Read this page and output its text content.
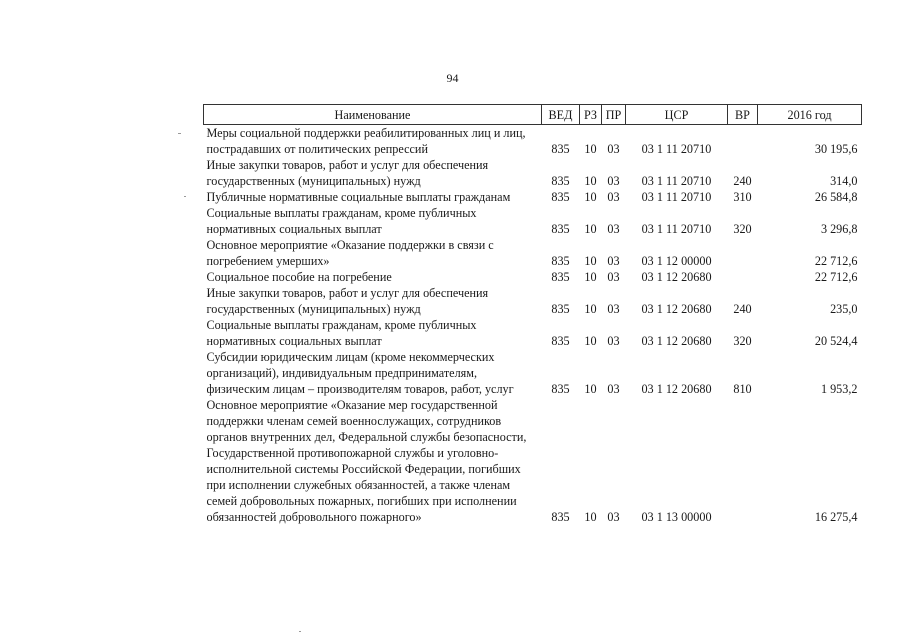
94
Наименование	ВЕД	РЗ	ПР	ЦСР	ВР	2016 год
Меры социальной поддержки реабилитированных лиц и лиц, пострадавших от политических репрессий	835	10	03	03 1 11 20710		30 195,6
Иные закупки товаров, работ и услуг для обеспечения государственных (муниципальных) нужд	835	10	03	03 1 11 20710	240	314,0
Публичные нормативные социальные выплаты гражданам	835	10	03	03 1 11 20710	310	26 584,8
Социальные выплаты гражданам, кроме публичных нормативных социальных выплат	835	10	03	03 1 11 20710	320	3 296,8
Основное мероприятие «Оказание поддержки в связи с погребением умерших»	835	10	03	03 1 12 00000		22 712,6
Социальное пособие на погребение	835	10	03	03 1 12 20680		22 712,6
Иные закупки товаров, работ и услуг для обеспечения государственных (муниципальных) нужд	835	10	03	03 1 12 20680	240	235,0
Социальные выплаты гражданам, кроме публичных нормативных социальных выплат	835	10	03	03 1 12 20680	320	20 524,4
Субсидии юридическим лицам (кроме некоммерческих организаций), индивидуальным предпринимателям, физическим лицам – производителям товаров, работ, услуг	835	10	03	03 1 12 20680	810	1 953,2
Основное мероприятие «Оказание мер государственной поддержки членам семей военнослужащих, сотрудников органов внутренних дел, Федеральной службы безопасности, Государственной противопожарной службы и уголовно-исполнительной системы Российской Федерации, погибших при исполнении служебных обязанностей, а также членам семей добровольных пожарных, погибших при исполнении обязанностей добровольного пожарного»	835	10	03	03 1 13 00000		16 275,4
